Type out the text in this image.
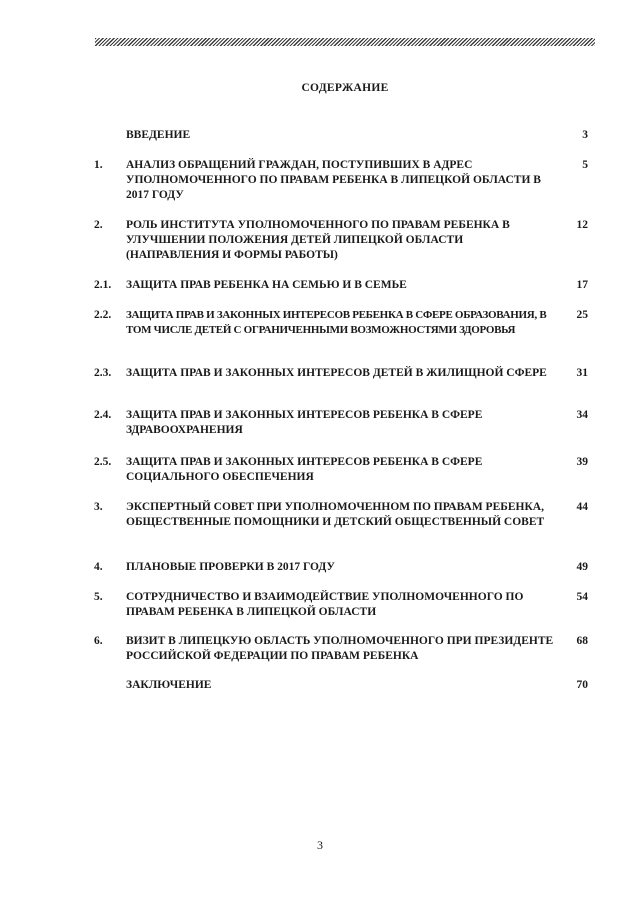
СОДЕРЖАНИЕ
ВВЕДЕНИЕ	3
1. АНАЛИЗ ОБРАЩЕНИЙ ГРАЖДАН, ПОСТУПИВШИХ В АДРЕС УПОЛНОМОЧЕННОГО ПО ПРАВАМ РЕБЕНКА В ЛИПЕЦКОЙ ОБЛАСТИ В 2017 ГОДУ
5
2. РОЛЬ ИНСТИТУТА УПОЛНОМОЧЕННОГО ПО ПРАВАМ РЕБЕНКА В УЛУЧШЕНИИ ПОЛОЖЕНИЯ ДЕТЕЙ ЛИПЕЦКОЙ ОБЛАСТИ (НАПРАВЛЕНИЯ И ФОРМЫ РАБОТЫ)
12
2.1. ЗАЩИТА ПРАВ РЕБЕНКА НА СЕМЬЮ И В СЕМЬЕ	17
2.2. ЗАЩИТА ПРАВ И ЗАКОННЫХ ИНТЕРЕСОВ РЕБЕНКА В СФЕРЕ ОБРАЗОВАНИЯ, В ТОМ ЧИСЛЕ ДЕТЕЙ С ОГРАНИЧЕННЫМИ ВОЗМОЖНОСТЯМИ ЗДОРОВЬЯ
25
2.3. ЗАЩИТА ПРАВ И ЗАКОННЫХ ИНТЕРЕСОВ ДЕТЕЙ В ЖИЛИЩНОЙ СФЕРЕ	31
2.4. ЗАЩИТА ПРАВ И ЗАКОННЫХ ИНТЕРЕСОВ РЕБЕНКА В СФЕРЕ ЗДРАВООХРАНЕНИЯ
34
2.5. ЗАЩИТА ПРАВ И ЗАКОННЫХ ИНТЕРЕСОВ РЕБЕНКА В СФЕРЕ СОЦИАЛЬНОГО ОБЕСПЕЧЕНИЯ
39
3. ЭКСПЕРТНЫЙ СОВЕТ ПРИ УПОЛНОМОЧЕННОМ ПО ПРАВАМ РЕБЕНКА, ОБЩЕСТВЕННЫЕ ПОМОЩНИКИ И ДЕТСКИЙ ОБЩЕСТВЕННЫЙ СОВЕТ
44
4. ПЛАНОВЫЕ ПРОВЕРКИ В 2017 ГОДУ	49
5. СОТРУДНИЧЕСТВО И ВЗАИМОДЕЙСТВИЕ УПОЛНОМОЧЕННОГО ПО ПРАВАМ РЕБЕНКА В ЛИПЕЦКОЙ ОБЛАСТИ
54
6. ВИЗИТ В ЛИПЕЦКУЮ ОБЛАСТЬ УПОЛНОМОЧЕННОГО ПРИ ПРЕЗИДЕНТЕ РОССИЙСКОЙ ФЕДЕРАЦИИ ПО ПРАВАМ РЕБЕНКА
68
ЗАКЛЮЧЕНИЕ	70
3
